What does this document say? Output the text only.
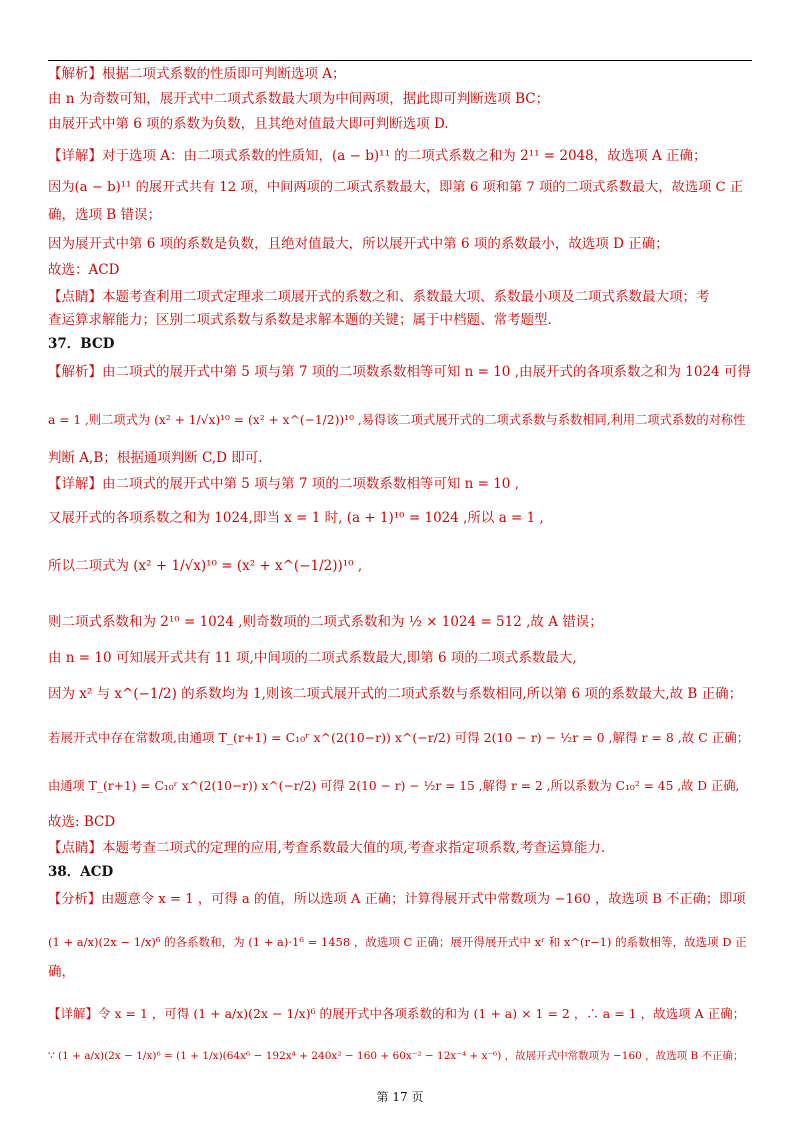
【解析】根据二项式系数的性质即可判断选项 A；
由 n 为奇数可知，展开式中二项式系数最大项为中间两项，据此即可判断选项 BC；
由展开式中第 6 项的系数为负数，且其绝对值最大即可判断选项 D.
【详解】对于选项 A：由二项式系数的性质知，(a − b)¹¹ 的二项式系数之和为 2¹¹ = 2048，故选项 A 正确；
因为(a − b)¹¹ 的展开式共有 12 项，中间两项的二项式系数最大，即第 6 项和第 7 项的二项式系数最大，故选项 C 正
确，选项 B 错误；
因为展开式中第 6 项的系数是负数，且绝对值最大，所以展开式中第 6 项的系数最小，故选项 D 正确；
故选：ACD
【点睛】本题考查利用二项式定理求二项展开式的系数之和、系数最大项、系数最小项及二项式系数最大项；考
查运算求解能力；区别二项式系数与系数是求解本题的关键；属于中档题、常考题型.
37．BCD
【解析】由二项式的展开式中第 5 项与第 7 项的二项数系数相等可知 n = 10 ,由展开式的各项系数之和为 1024 可得
a = 1 ,则二项式为 (x² + 1/√x)¹⁰ = (x² + x^(−1/2))¹⁰ ,易得该二项式展开式的二项式系数与系数相同,利用二项式系数的对称性
判断 A,B；根据通项判断 C,D 即可.
【详解】由二项式的展开式中第 5 项与第 7 项的二项数系数相等可知 n = 10 ,
又展开式的各项系数之和为 1024,即当 x = 1 时, (a + 1)¹⁰ = 1024 ,所以 a = 1 ,
所以二项式为 (x² + 1/√x)¹⁰ = (x² + x^(−1/2))¹⁰ ,
则二项式系数和为 2¹⁰ = 1024 ,则奇数项的二项式系数和为 ½ × 1024 = 512 ,故 A 错误；
由 n = 10 可知展开式共有 11 项,中间项的二项式系数最大,即第 6 项的二项式系数最大,
因为 x² 与 x^(−1/2) 的系数均为 1,则该二项式展开式的二项式系数与系数相同,所以第 6 项的系数最大,故 B 正确；
若展开式中存在常数项,由通项 T_(r+1) = C₁₀ʳ x^(2(10−r)) x^(−r/2) 可得 2(10 − r) − ½r = 0 ,解得 r = 8 ,故 C 正确；
由通项 T_(r+1) = C₁₀ʳ x^(2(10−r)) x^(−r/2) 可得 2(10 − r) − ½r = 15 ,解得 r = 2 ,所以系数为 C₁₀² = 45 ,故 D 正确,
故选: BCD
【点睛】本题考查二项式的定理的应用,考查系数最大值的项,考查求指定项系数,考查运算能力.
38．ACD
【分析】由题意令 x = 1 ，可得 a 的值，所以选项 A 正确；计算得展开式中常数项为 −160 ，故选项 B 不正确；即项
(1 + a/x)(2x − 1/x)⁶ 的各系数和，为 (1 + a)·1⁶ = 1458 ，故选项 C 正确；展开得展开式中 xʳ 和 x^(r−1) 的系数相等，故选项 D 正
确，
【详解】令 x = 1 ，可得 (1 + a/x)(2x − 1/x)⁶ 的展开式中各项系数的和为 (1 + a) × 1 = 2 ，∴ a = 1 ，故选项 A 正确；
∵ (1 + a/x)(2x − 1/x)⁶ = (1 + 1/x)(64x⁶ − 192x⁴ + 240x² − 160 + 60x⁻² − 12x⁻⁴ + x⁻⁶) ，故展开式中常数项为 −160 ，故选项 B 不正确；
第 17 页
